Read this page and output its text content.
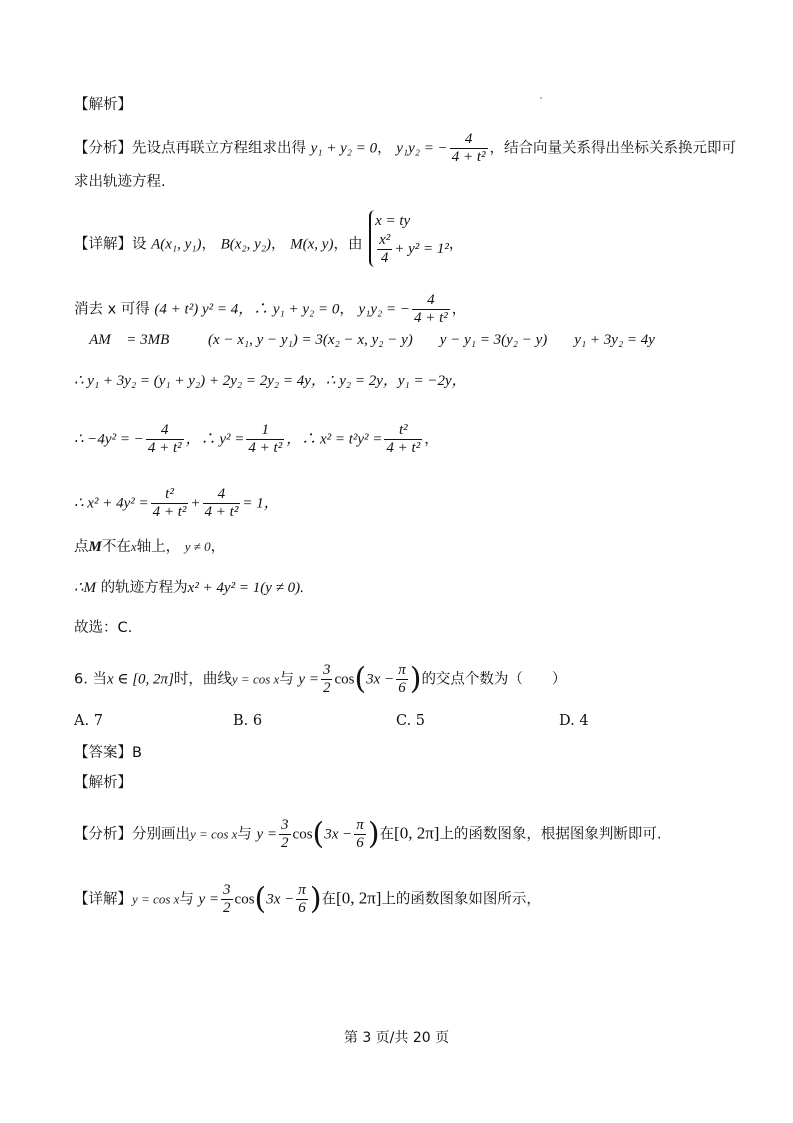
【解析】
【分析】先设点再联立方程组求出得 y₁ + y₂ = 0， y₁y₂ = − $\frac{4}{\text{4 + t²}}$ ，结合向量关系得出坐标关系换元即可
求出轨迹方程.
【详解】设 A(x₁, y₁)， B(x₂, y₂)， M(x, y)，由
x = ty
$\frac{\text{x²}}{4} + y^2 = 1^2$ ，
消去 x 可得 (4 + t²) y² = 4，∴ y₁ + y₂ = 0， y₁y₂ = − $\frac{4}{\text{4 + t²}}$ ，
∵ AM⃗ = 3MB⃗ ，∴(x − x₁, y − y₁) = 3(x₂ − x, y₂ − y)，∴ y − y₁ = 3(y₂ − y)，∴ y₁ + 3y₂ = 4y，
∴ y₁ + 3y₂ = (y₁ + y₂) + 2y₂ = 2y₂ = 4y，∴ y₂ = 2y，y₁ = −2y，
∴ −4y² = − $\frac{4}{\text{4 + t²}}$ ，∴ $y^2 = \frac{1}{\text{4 + t²}}$ ，∴ $x^2 = t^2y^2 = \frac{\text{t²}}{\text{4 + t²}}$ ，
∴ $x^2 + 4y^2 = \frac{\text{t²}}{\text{4 + t²}} + \frac{4}{\text{4 + t²}} = 1$，
点M不在x轴上， y ≠ 0，
∴M 的轨迹方程为x² + 4y² = 1(y ≠ 0).
故选：C.
6. 当x ∈ [0, 2π]时，曲线y = cos x与 $y = \frac{3}{2} \cos(3x - \frac{\pi}{6}$ )的交点个数为（　　）
A. 7	B. 6	C. 5	D. 4
【答案】B
【解析】
【分析】分别画出y = cos x与 $y = \frac{3}{2} \cos(3x - \frac{\pi}{6}$ )在[0, 2π]上的函数图象，根据图象判断即可.
【详解】y = cos x与 $y = \frac{3}{2} \cos(3x - \frac{\pi}{6}$ )在[0, 2π]上的函数图象如图所示，
第 3 页/共 20 页
